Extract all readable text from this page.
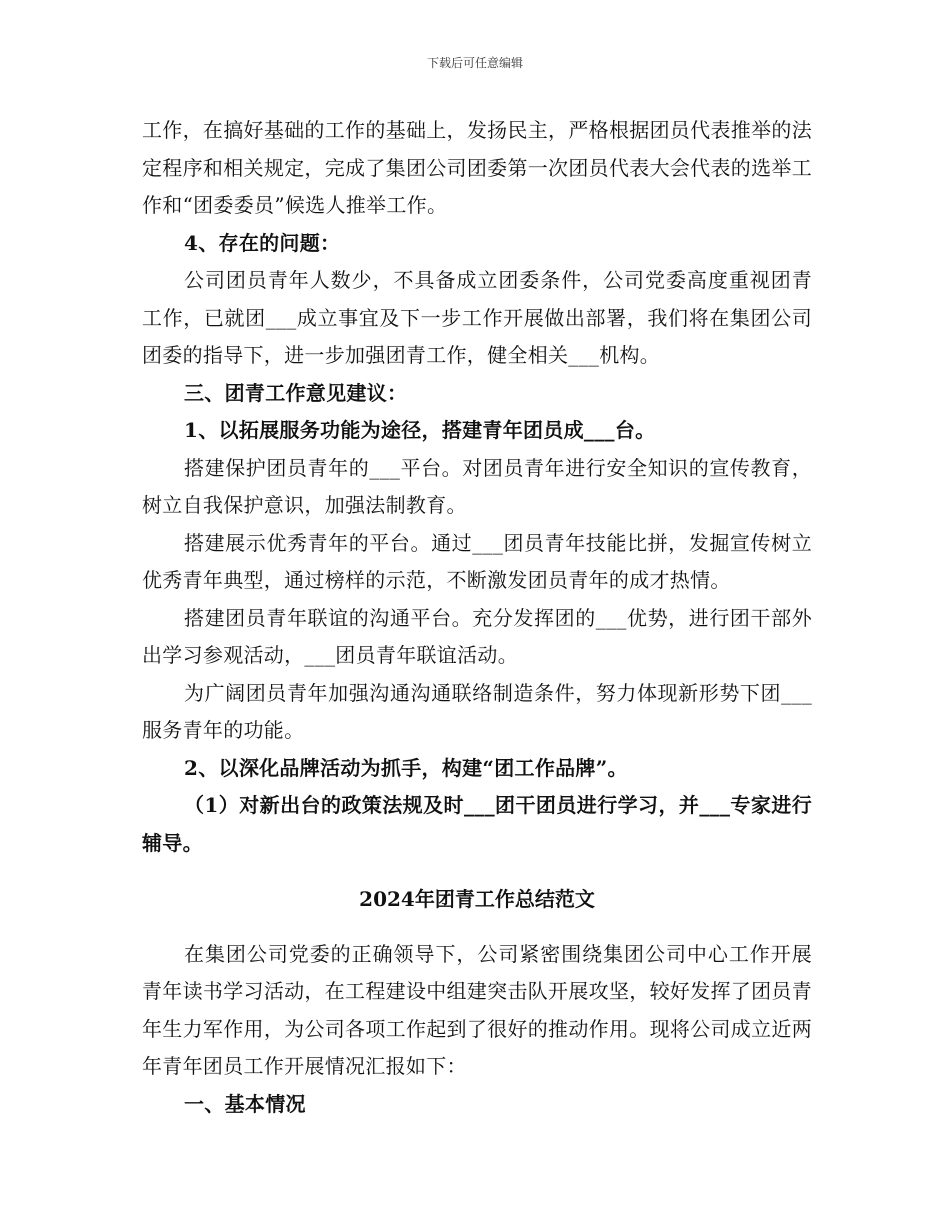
下载后可任意编辑

工作，在搞好基础的工作的基础上，发扬民主，严格根据团员代表推举的法定程序和相关规定，完成了集团公司团委第一次团员代表大会代表的选举工作和“团委委员”候选人推举工作。

4、存在的问题：

公司团员青年人数少，不具备成立团委条件，公司党委高度重视团青工作，已就团___成立事宜及下一步工作开展做出部署，我们将在集团公司团委的指导下，进一步加强团青工作，健全相关___机构。

三、团青工作意见建议：

1、以拓展服务功能为途径，搭建青年团员成___台。

搭建保护团员青年的___平台。对团员青年进行安全知识的宣传教育，树立自我保护意识，加强法制教育。

搭建展示优秀青年的平台。通过___团员青年技能比拼，发掘宣传树立优秀青年典型，通过榜样的示范，不断激发团员青年的成才热情。

搭建团员青年联谊的沟通平台。充分发挥团的___优势，进行团干部外出学习参观活动，___团员青年联谊活动。

为广阔团员青年加强沟通沟通联络制造条件，努力体现新形势下团___服务青年的功能。

2、以深化品牌活动为抓手，构建“团工作品牌”。

（1）对新出台的政策法规及时___团干团员进行学习，并___专家进行辅导。

2024年团青工作总结范文

在集团公司党委的正确领导下，公司紧密围绕集团公司中心工作开展青年读书学习活动，在工程建设中组建突击队开展攻坚，较好发挥了团员青年生力军作用，为公司各项工作起到了很好的推动作用。现将公司成立近两年青年团员工作开展情况汇报如下：

一、基本情况
